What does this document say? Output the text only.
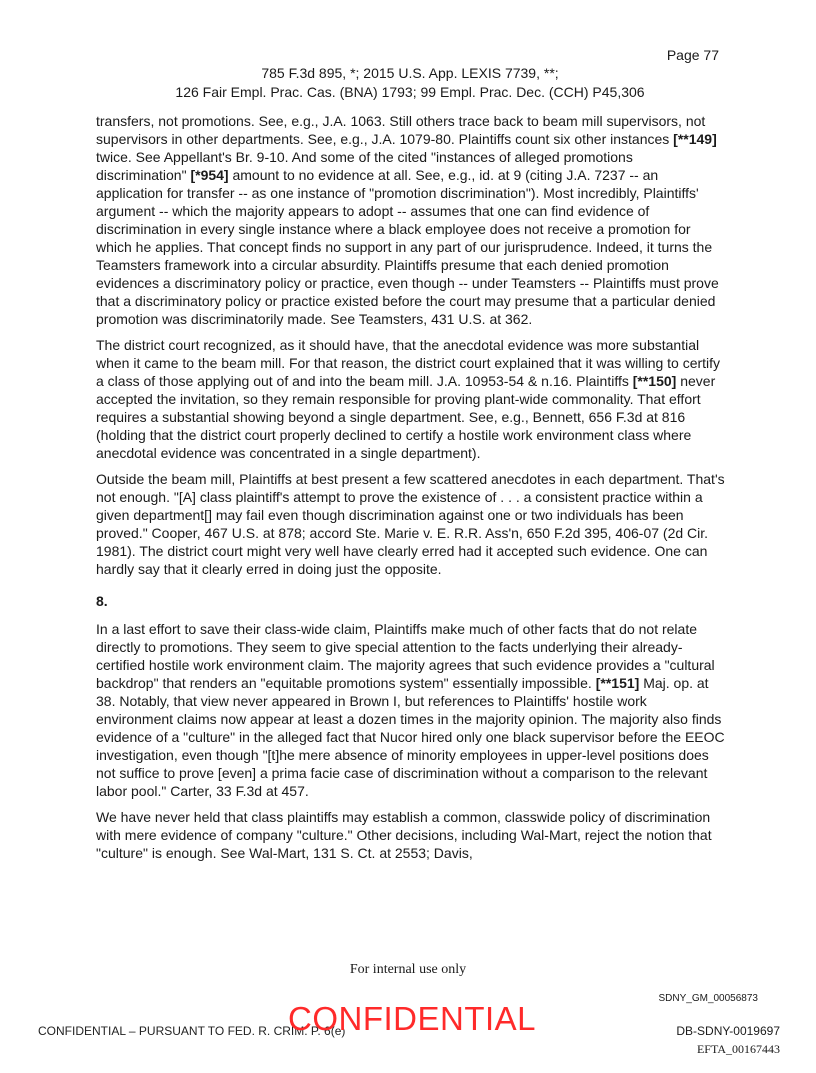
Page 77
785 F.3d 895, *; 2015 U.S. App. LEXIS 7739, **;
126 Fair Empl. Prac. Cas. (BNA) 1793; 99 Empl. Prac. Dec. (CCH) P45,306

transfers, not promotions. See, e.g., J.A. 1063. Still others trace back to beam mill supervisors, not supervisors in other departments. See, e.g., J.A. 1079-80. Plaintiffs count six other instances [**149] twice. See Appellant's Br. 9-10. And some of the cited "instances of alleged promotions discrimination" [*954] amount to no evidence at all. See, e.g., id. at 9 (citing J.A. 7237 -- an application for transfer -- as one instance of "promotion discrimination"). Most incredibly, Plaintiffs' argument -- which the majority appears to adopt -- assumes that one can find evidence of discrimination in every single instance where a black employee does not receive a promotion for which he applies. That concept finds no support in any part of our jurisprudence. Indeed, it turns the Teamsters framework into a circular absurdity. Plaintiffs presume that each denied promotion evidences a discriminatory policy or practice, even though -- under Teamsters -- Plaintiffs must prove that a discriminatory policy or practice existed before the court may presume that a particular denied promotion was discriminatorily made. See Teamsters, 431 U.S. at 362.

The district court recognized, as it should have, that the anecdotal evidence was more substantial when it came to the beam mill. For that reason, the district court explained that it was willing to certify a class of those applying out of and into the beam mill. J.A. 10953-54 & n.16. Plaintiffs [**150] never accepted the invitation, so they remain responsible for proving plant-wide commonality. That effort requires a substantial showing beyond a single department. See, e.g., Bennett, 656 F.3d at 816 (holding that the district court properly declined to certify a hostile work environment class where anecdotal evidence was concentrated in a single department).

Outside the beam mill, Plaintiffs at best present a few scattered anecdotes in each department. That's not enough. "[A] class plaintiff's attempt to prove the existence of . . . a consistent practice within a given department[] may fail even though discrimination against one or two individuals has been proved." Cooper, 467 U.S. at 878; accord Ste. Marie v. E. R.R. Ass'n, 650 F.2d 395, 406-07 (2d Cir. 1981). The district court might very well have clearly erred had it accepted such evidence. One can hardly say that it clearly erred in doing just the opposite.

8.

In a last effort to save their class-wide claim, Plaintiffs make much of other facts that do not relate directly to promotions. They seem to give special attention to the facts underlying their already-certified hostile work environment claim. The majority agrees that such evidence provides a "cultural backdrop" that renders an "equitable promotions system" essentially impossible. [**151] Maj. op. at 38. Notably, that view never appeared in Brown I, but references to Plaintiffs' hostile work environment claims now appear at least a dozen times in the majority opinion. The majority also finds evidence of a "culture" in the alleged fact that Nucor hired only one black supervisor before the EEOC investigation, even though "[t]he mere absence of minority employees in upper-level positions does not suffice to prove [even] a prima facie case of discrimination without a comparison to the relevant labor pool." Carter, 33 F.3d at 457.

We have never held that class plaintiffs may establish a common, classwide policy of discrimination with mere evidence of company "culture." Other decisions, including Wal-Mart, reject the notion that "culture" is enough. See Wal-Mart, 131 S. Ct. at 2553; Davis,

For internal use only
SDNY_GM_00056873
CONFIDENTIAL – PURSUANT TO FED. R. CRIM. P. 6(e)
CONFIDENTIAL	DB-SDNY-0019697
EFTA_00167443
